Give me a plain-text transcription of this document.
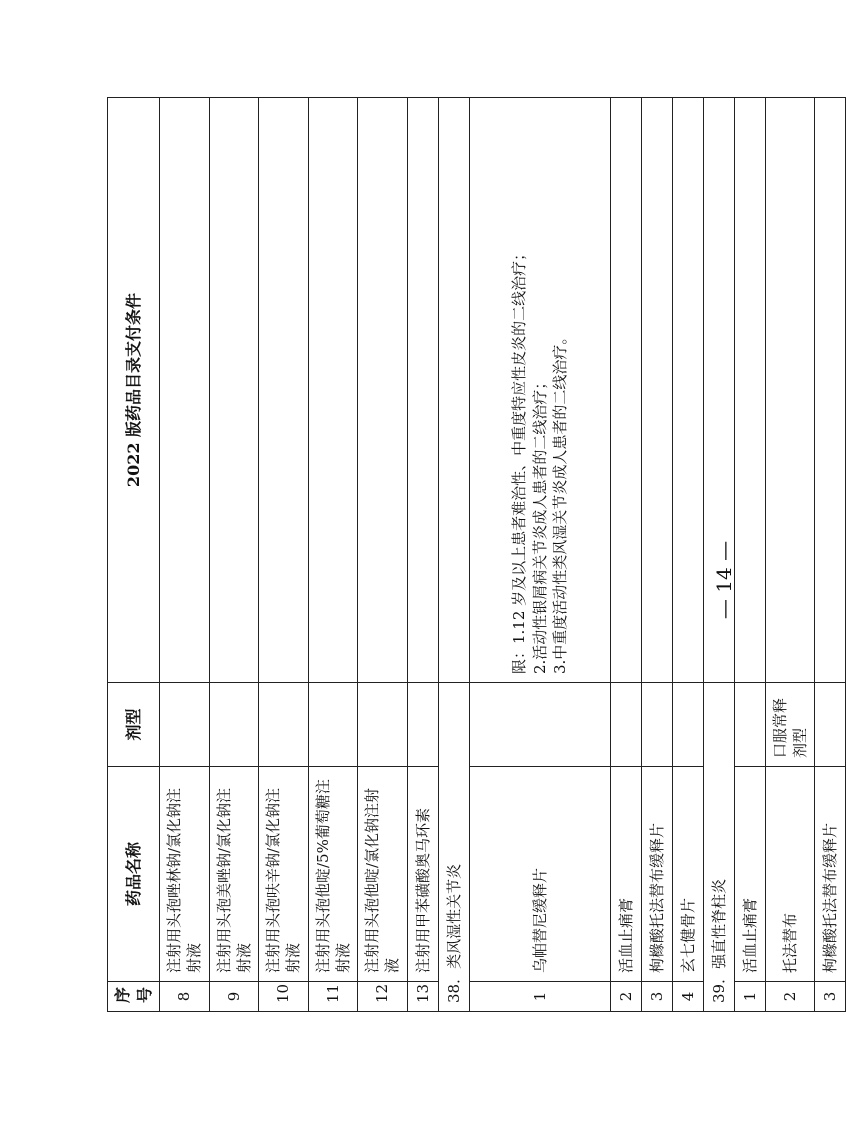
序号	药品名称	剂型	2022 版药品目录支付条件
8	注射用头孢唑林钠/氯化钠注射液		
9	注射用头孢美唑钠/氯化钠注射液		
10	注射用头孢呋辛钠/氯化钠注射液		
11	注射用头孢他啶/5%葡萄糖注射液		
12	注射用头孢他啶/氯化钠注射液		
13	注射用甲苯磺酸奥马环素		
38．类风湿性关节炎			
1	乌帕替尼缓释片		限：1.12 岁及以上患者难治性、中重度特应性皮炎的二线治疗； 2.活动性银屑病关节炎成人患者的二线治疗； 3.中重度活动性类风湿关节炎成人患者的二线治疗。

2	活血止痛膏		
3	枸橼酸托法替布缓释片		
4	玄七健骨片		
39．强直性脊柱炎			
1	活血止痛膏		
2	托法替布	口服常释剂型	
3	枸橼酸托法替布缓释片		
— 14 —
